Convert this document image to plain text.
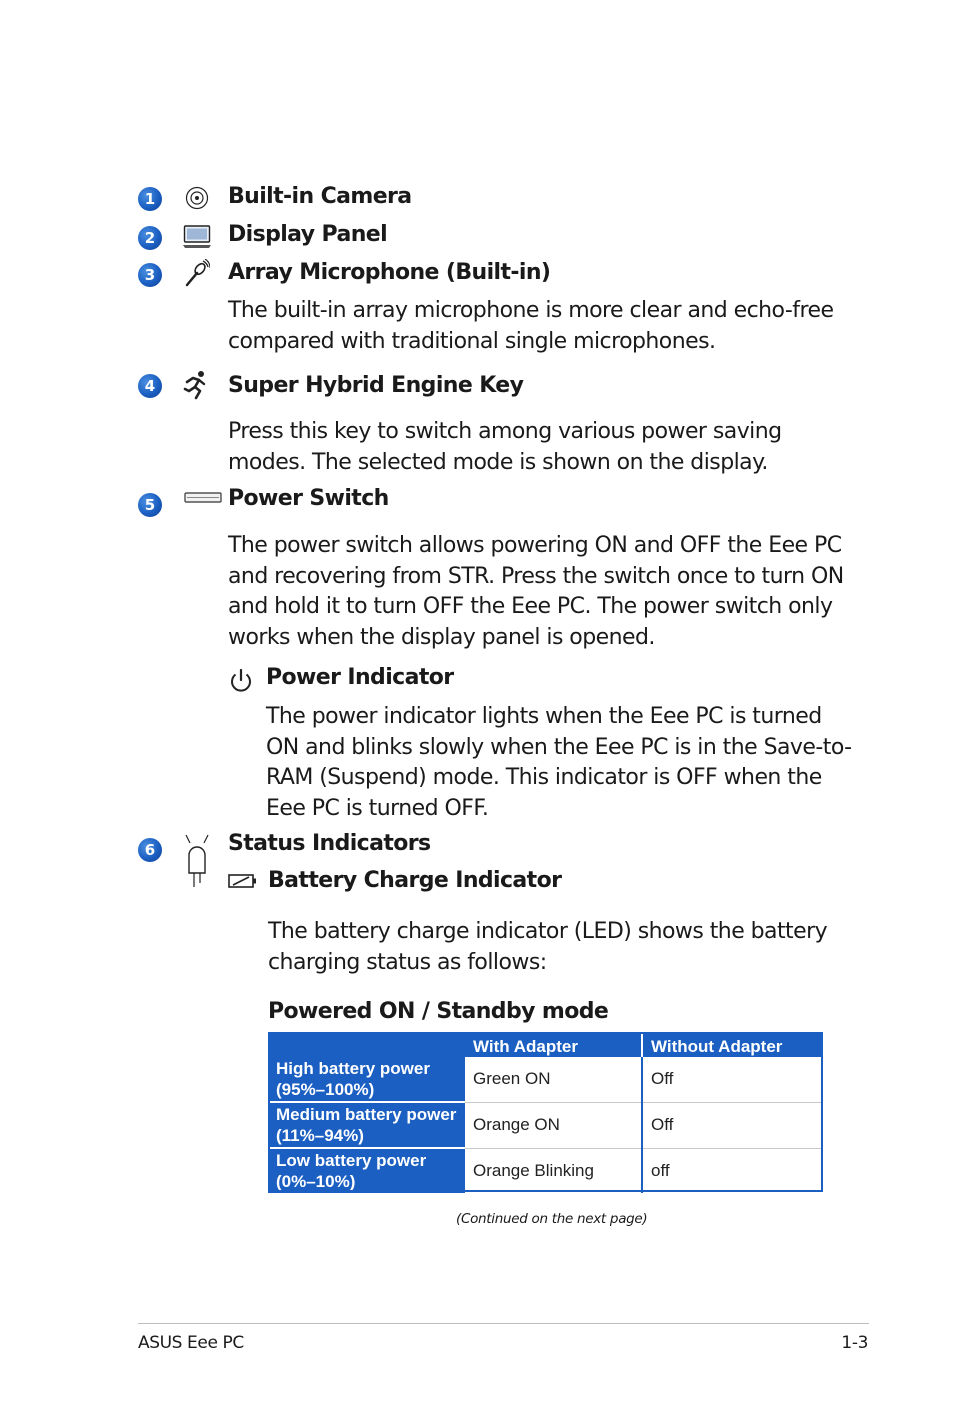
1	Built-in Camera
2	Display Panel
3	Array Microphone (Built-in)
The built-in array microphone is more clear and echo-free
compared with traditional single microphones.
4	Super Hybrid Engine Key
Press this key to switch among various power saving
modes. The selected mode is shown on the display.
5	Power Switch
The power switch allows powering ON and OFF the Eee PC
and recovering from STR. Press the switch once to turn ON
and hold it to turn OFF the Eee PC. The power switch only
works when the display panel is opened.
Power Indicator
The power indicator lights when the Eee PC is turned
ON and blinks slowly when the Eee PC is in the Save-to-
RAM (Suspend) mode. This indicator is OFF when the
Eee PC is turned OFF.
6	Status Indicators
Battery Charge Indicator
The battery charge indicator (LED) shows the battery
charging status as follows:
Powered ON / Standby mode
	With Adapter	Without Adapter

High battery power
(95%–100%)	Green ON	Off

Medium battery power
(11%–94%)	Orange ON	Off

Low battery power
(0%–10%)	Orange Blinking	off
(Continued on the next page)
ASUS Eee PC	1-3
